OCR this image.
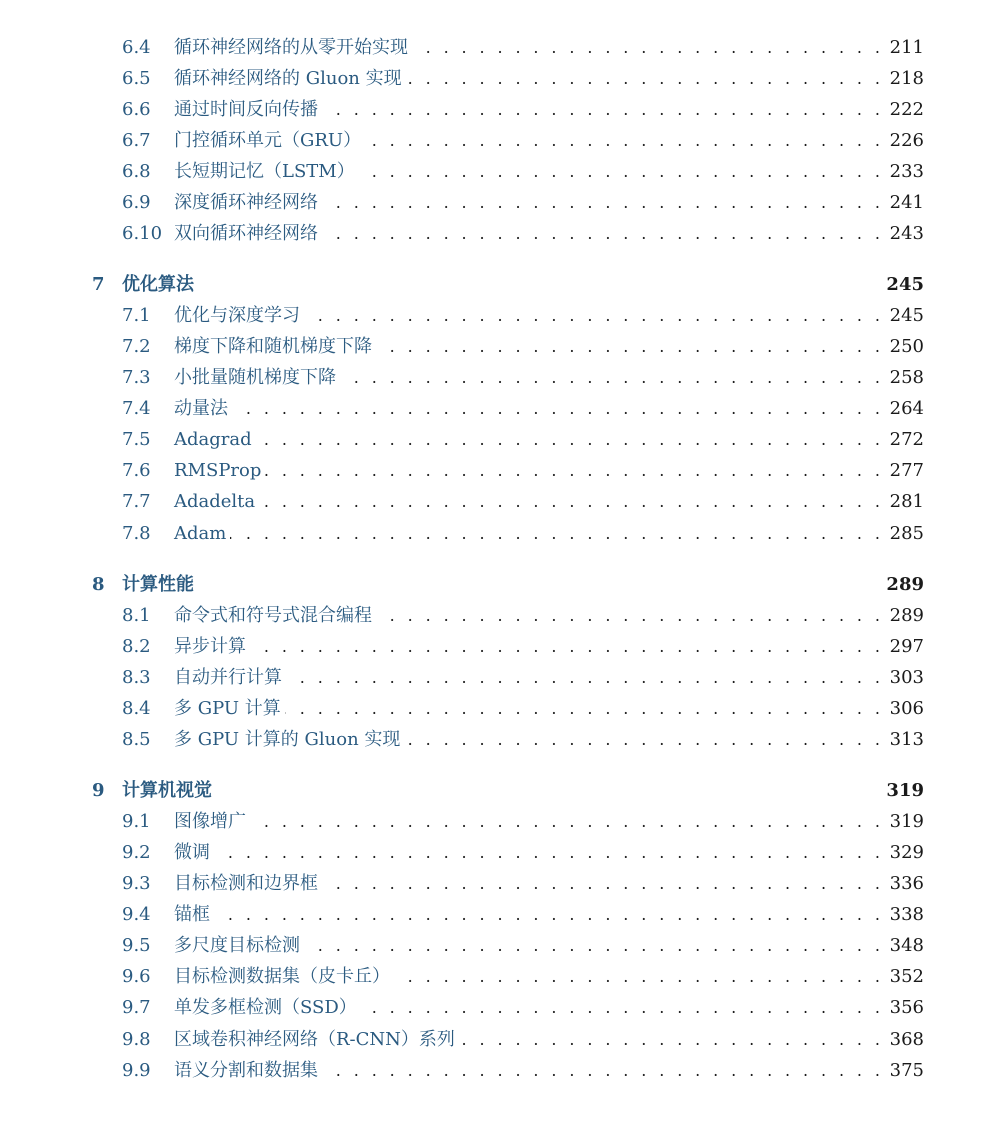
6.4 . . . 循环神经网络的从零开始实现	211
6.5 . . . 循环神经网络的 Gluon 实现	218
6.6 . . . 通过时间反向传播	222
6.7 . . . 门控循环单元（GRU）	226
6.8 . . . 长短期记忆（LSTM）	233
6.9 . . . 深度循环神经网络	241
6.10 . . . 双向循环神经网络	243
7 优化算法	245
7.1 . . . 优化与深度学习	245
7.2 . . . 梯度下降和随机梯度下降	250
7.3 . . . 小批量随机梯度下降	258
7.4 . . . 动量法	264
7.5 . . . Adagrad	272
7.6 . . . RMSProp	277
7.7 . . . Adadelta	281
7.8 . . . Adam	285
8 计算性能	289
8.1 . . . 命令式和符号式混合编程	289
8.2 . . . 异步计算	297
8.3 . . . 自动并行计算	303
8.4 . . . 多 GPU 计算	306
8.5 . . . 多 GPU 计算的 Gluon 实现	313
9 计算机视觉	319
9.1 . . . 图像增广	319
9.2 . . . 微调	329
9.3 . . . 目标检测和边界框	336
9.4 . . . 锚框	338
9.5 . . . 多尺度目标检测	348
9.6 . . . 目标检测数据集（皮卡丘）	352
9.7 . . . 单发多框检测（SSD）	356
9.8 . . . 区域卷积神经网络（R-CNN）系列	368
9.9 . . . 语义分割和数据集	375
